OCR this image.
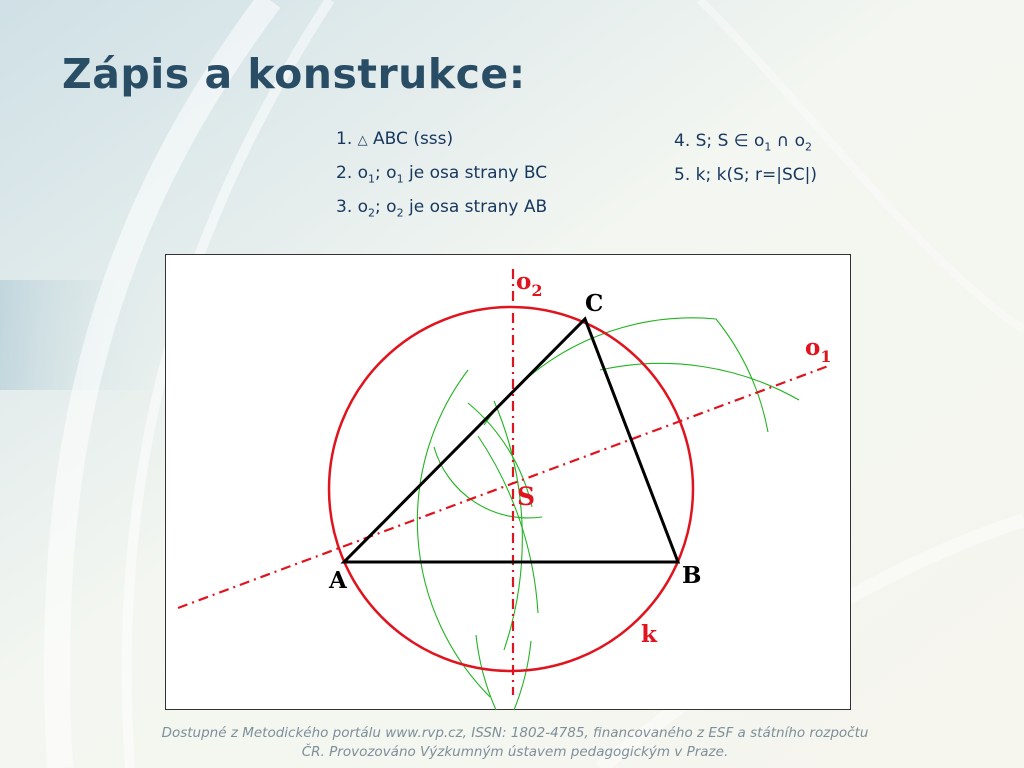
Zápis a konstrukce:
1. △ ABC (sss)
2. $o_1$; $o_1$ je osa strany BC
3. $o_2$; $o_2$ je osa strany AB
4. S; S ∈ $o_1$ ∩ $o_2$
5. k; k(S; r=|SC|)
A	B
C
S
k
$o_1$
$o_2$
Dostupné z Metodického portálu www.rvp.cz, ISSN: 1802-4785, financovaného z ESF a státního rozpočtu
ČR. Provozováno Výzkumným ústavem pedagogickým v Praze.
